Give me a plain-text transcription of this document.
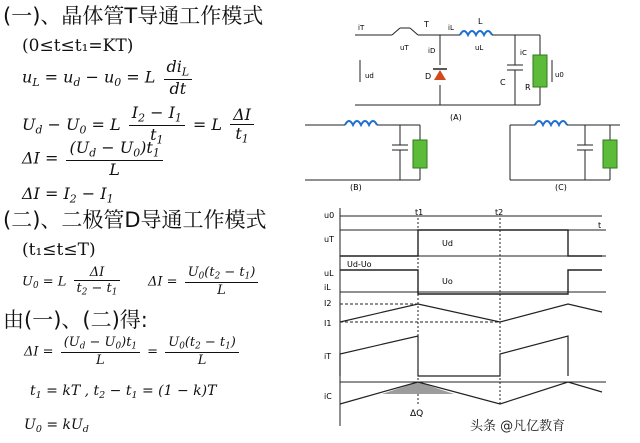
(一)、晶体管T导通工作模式
(0≤t≤t₁=KT)
$u_L = u_d - u_0 = L \frac{di_L}{dt}$
$U_d - U_0 = L \frac{I_2 - I_1}{t_1} = L \frac{\Delta I}{t_1}$
$\Delta I = \frac{(U_d - U_0)t_1}{L}$
$\Delta I = I_2 - I_1$
(二)、二极管D导通工作模式
(t₁≤t≤T)
$U_0 = L \frac{\Delta I}{t_2 - t_1}$ $\Delta I = \frac{U_0(t_2 - t_1)}{L}$
由(一)、(二)得:
$\Delta I = \frac{(U_d - U_0)t_1}{L} = \frac{U_0(t_2 - t_1)}{L}$
$t_1$ = kT , $t_2 - t_1 = (1 - k)T$
$U_0 = kU_d$
iT	T
uT
iL
L
uL
iD
D
ud
iC
C
R
u0
(A)
(B)	(C)
u0
uT
uL
iL
I2
I1
iT
iC
t1	t2
t
Ud
Ud-Uo
Uo
ΔQ
头条 @凡亿教育
